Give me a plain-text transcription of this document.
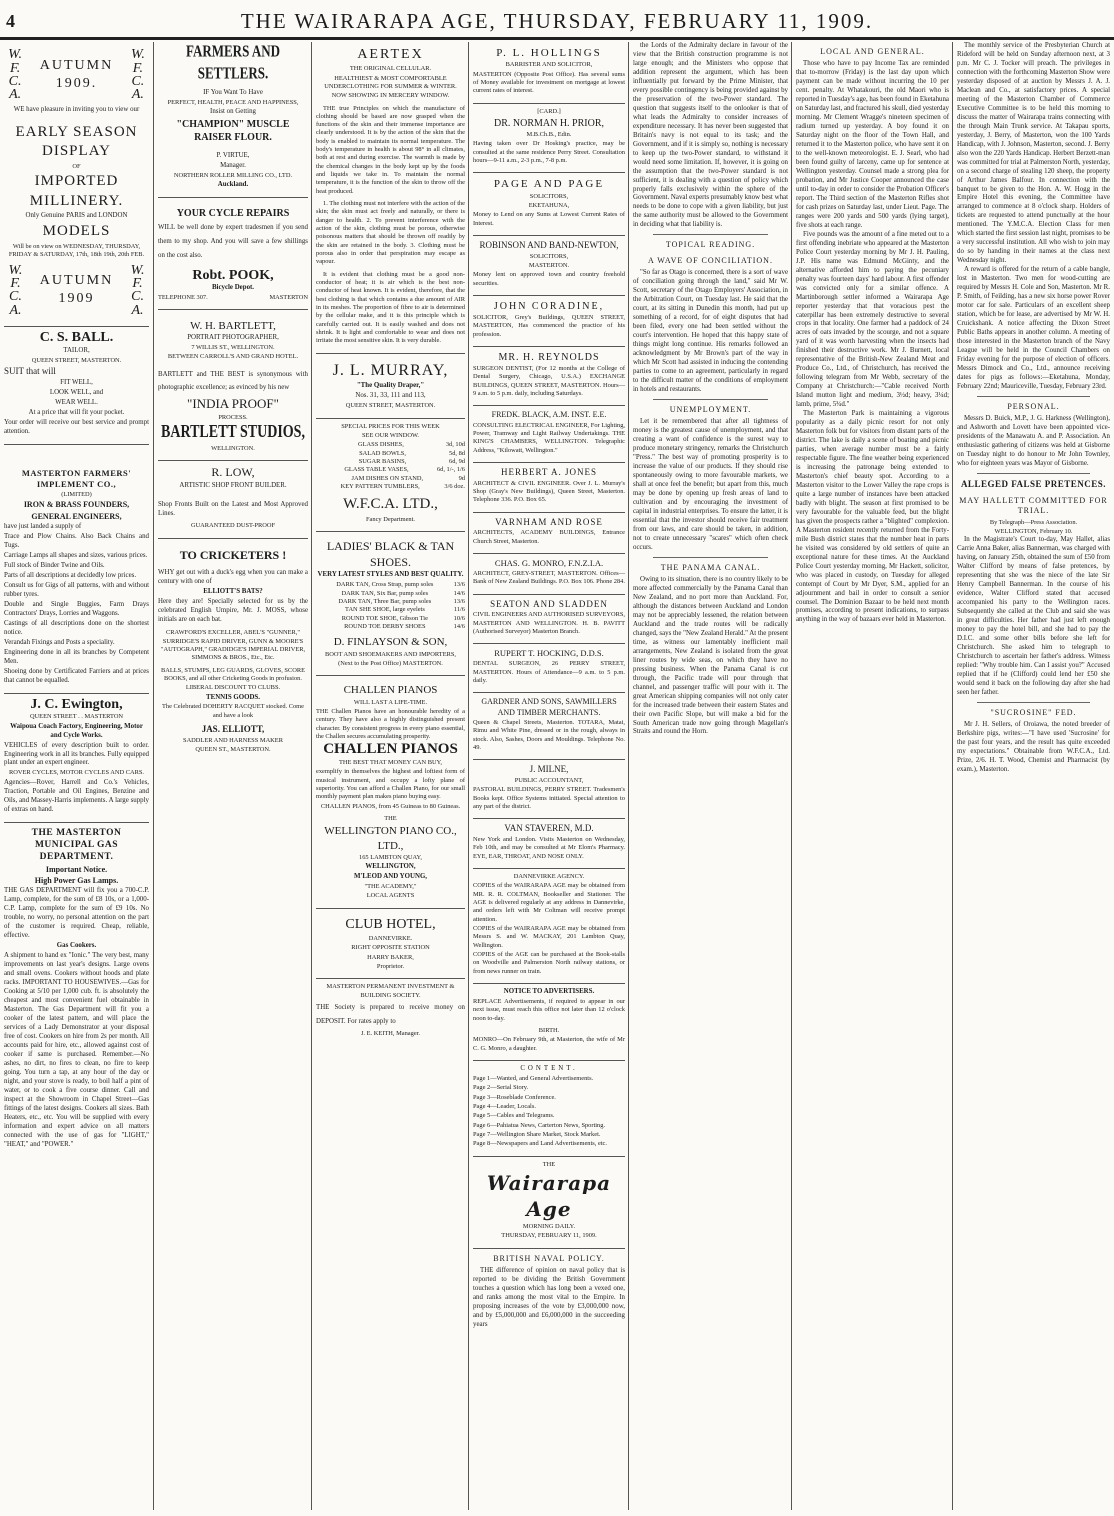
4	THE WAIRARAPA AGE, THURSDAY, FEBRUARY 11, 1909.
W.
F. C.
A.
AUTUMN 1909.
W.
F. C.
A.

WE have pleasure in inviting you to view our

EARLY SEASON DISPLAY

OF

IMPORTED MILLINERY.

Only Genuine PARIS and LONDON

MODELS

Will be on view on WEDNESDAY, THURSDAY, FRIDAY & SATURDAY, 17th, 18th 19th, 20th FEB.

W.
F. C.
A.
AUTUMN 1909
W.
F. C.
A.

C. S. BALL.

TAILOR,

QUEEN STREET, MASTERTON.

SUIT that will

FIT WELL,

LOOK WELL, and

WEAR WELL.

At a price that will fit your pocket.

Your order will receive our best service and prompt attention.

MASTERTON FARMERS' IMPLEMENT CO.,

(LIMITED)

IRON & BRASS FOUNDERS,

GENERAL ENGINEERS,

have just landed a supply of

Trace and Plow Chains. Also Back Chains and Tugs.

Carriage Lamps all shapes and sizes, various prices.

Full stock of Binder Twine and Oils.

Parts of all descriptions at decidedly low prices.

Consult us for Gigs of all patterns, with and without rubber tyres.

Double and Single Buggies, Farm Drays Contractors' Drays, Lorries and Waggons.

Castings of all descriptions done on the shortest notice.

Verandah Fixings and Posts a speciality.

Engineering done in all its branches by Competent Men.

Shoeing done by Certificated Farriers and at prices that cannot be equalled.

J. C. Ewington,

QUEEN STREET . . MASTERTON

Waipoua Coach Factory, Engineering, Motor and Cycle Works.

VEHICLES of every description built to order. Engineering work in all its branches. Fully equipped plant under an expert engineer.

ROVER CYCLES, MOTOR CYCLES AND CARS.

Agencies—Rover, Harrell and Co.'s Vehicles, Traction, Portable and Oil Engines, Benzine and Oils, and Massey-Harris implements. A large supply of extras on hand.

THE MASTERTON MUNICIPAL GAS DEPARTMENT.

Important Notice.

High Power Gas Lamps.

THE GAS DEPARTMENT will fix you a 700-C.P. Lamp, complete, for the sum of £8 10s, or a 1,000-C.P. Lamp, complete for the sum of £9 10s. No trouble, no worry, no personal attention on the part of the customer is required. Cheap, reliable, effective.

Gas Cookers.

A shipment to hand ex "Ionic." The very best, many improvements on last year's designs. Large ovens and small ovens. Cookers without hoods and plate racks. IMPORTANT TO HOUSEWIVES.—Gas for Cooking at 5/10 per 1,000 cub. ft. is absolutely the cheapest and most convenient fuel obtainable in Masterton. The Gas Department will fit you a cooker of the latest pattern, and will place the services of a Lady Demonstrator at your disposal free of cost. Cookers on hire from 2s per month. All accounts paid for hire, etc., allowed against cost of cooker if same is purchased. Remember.—No ashes, no dirt, no fires to clean, no fire to keep going. You turn a tap, at any hour of the day or night, and your stove is ready, to boil half a pint of water, or to cook a five course dinner. Call and inspect at the Showroom in Chapel Street—Gas fittings of the latest designs. Cookers all sizes. Bath Heaters, etc., etc. You will be supplied with every information and expert advice on all matters connected with the use of gas for "LIGHT," "HEAT," and "POWER."

FARMERS AND SETTLERS.

IF You Want To Have

PERFECT, HEALTH, PEACE AND HAPPINESS,

Insist on Getting

"CHAMPION" MUSCLE RAISER FLOUR.

P. VIRTUE,

Manager.

NORTHERN ROLLER MILLING CO., LTD.

Auckland.

YOUR CYCLE REPAIRS

WILL be well done by expert tradesmen if you send them to my shop. And you will save a few shillings on the cost also.

Robt. POOK,

Bicycle Depot.

TELEPHONE 307.	MASTERTON

W. H. BARTLETT,

PORTRAIT PHOTOGRAPHER,

7 WILLIS ST., WELLINGTON.

BETWEEN CARROLL'S AND GRAND HOTEL.

BARTLETT and THE BEST is synonymous with photographic excellence; as evinced by his new

"INDIA PROOF"

PROCESS.

BARTLETT STUDIOS,

WELLINGTON.

R. LOW,

ARTISTIC SHOP FRONT BUILDER.

Shop Fronts Built on the Latest and Most Approved Lines.

GUARANTEED DUST-PROOF

TO CRICKETERS !

WHY get out with a duck's egg when you can make a century with one of

ELLIOTT'S BATS?

Here they are! Specially selected for us by the celebrated English Umpire, Mr. J. MOSS, whose initials are on each bat.

CRAWFORD'S EXCELLER, ABEL'S "GUNNER," SURRIDGE'S RAPID DRIVER, GUNN & MOORE'S "AUTOGRAPH," GRADIDGE'S IMPERIAL DRIVER, SIMMONS & BROS., Etc., Etc.

BALLS, STUMPS, LEG GUARDS, GLOVES, SCORE BOOKS, and all other Cricketing Goods in profusion.

LIBERAL DISCOUNT TO CLUBS.

TENNIS GOODS.

The Celebrated DOHERTY RACQUET stocked. Come and have a look

JAS. ELLIOTT,

SADDLER AND HARNESS MAKER

QUEEN ST., MASTERTON.

AERTEX

THE ORIGINAL CELLULAR.

HEALTHIEST & MOST COMFORTABLE UNDERCLOTHING FOR SUMMER & WINTER.

NOW SHOWING IN MERCERY WINDOW.

THE true Principles on which the manufacture of clothing should be based are now grasped when the functions of the skin and their immense importance are clearly understood. It is by the action of the skin that the body is enabled to maintain its normal temperature. The body's temperature in health is about 98° in all climates, both at rest and during exercise. The warmth is made by the chemical changes in the body kept up by the foods and liquids we take in. To maintain the normal temperature, it is the function of the skin to throw off the heat produced.

1. The clothing must not interfere with the action of the skin; the skin must act freely and naturally, or there is danger to health. 2. To prevent interference with the action of the skin, clothing must be porous, otherwise poisonous matters that should be thrown off readily by the skin are retained in the body. 3. Clothing must be porous also in order that perspiration may escape as vapour.

It is evident that clothing must be a good non-conductor of heat; it is air which is the best non-conductor of heat known. It is evident, therefore, that the best clothing is that which contains a due amount of AIR in its meshes. The proportion of fibre to air is determined by the cellular make, and it is this principle which is carefully carried out. It is easily washed and does not shrink. It is light and comfortable to wear and does not irritate the most sensitive skin. It is very durable.

J. L. MURRAY,

"The Quality Draper,"

Nos. 31, 33, 111 and 113,

QUEEN STREET, MASTERTON.

SPECIAL PRICES FOR THIS WEEK

SEE OUR WINDOW.

GLASS DISHES,	3d, 10d
SALAD BOWLS,	5d, 8d
SUGAR BASINS,	6d, 9d
GLASS TABLE VASES,	6d, 1/-, 1/6
JAM DISHES ON STAND,	9d
KEY PATTERN TUMBLERS,	3/6 doz.

W.F.C.A. LTD.,

Fancy Department.

LADIES' BLACK & TAN SHOES.

VERY LATEST STYLES AND BEST QUALITY.

DARK TAN, Cross Strap, pump soles	13/6
DARK TAN, Six Bar, pump soles	14/6
DARK TAN, Three Bar, pump soles	13/6
TAN SHE SHOE, large eyelets	11/6
ROUND TOE SHOE, Gibson Tie	10/6
ROUND TOE DERBY SHOES	14/6

D. FINLAYSON & SON,

BOOT AND SHOEMAKERS AND IMPORTERS,

(Next to the Post Office) MASTERTON.

CHALLEN PIANOS

WILL LAST A LIFE-TIME.

THE Challen Pianos have an honourable heredity of a century. They have also a highly distinguished present character. By consistent progress in every piano essential, the Challen secures accumulating prosperity.

CHALLEN PIANOS

THE BEST THAT MONEY CAN BUY,

exemplify in themselves the highest and loftiest form of musical instrument, and occupy a lofty plane of superiority. You can afford a Challen Piano, for our small monthly payment plan makes piano buying easy.

CHALLEN PIANOS, from 45 Guineas to 80 Guineas.

THE

WELLINGTON PIANO CO., LTD.,

165 LAMBTON QUAY,

WELLINGTON,

M'LEOD AND YOUNG,

"THE ACADEMY,"

LOCAL AGENTS

CLUB HOTEL,

DANNEVIRKE.

RIGHT OPPOSITE STATION

HARRY BAKER,

Proprietor.

MASTERTON PERMANENT INVESTMENT & BUILDING SOCIETY.

THE Society is prepared to receive money on DEPOSIT. For rates apply to

J. E. KEITH, Manager.

P. L. HOLLINGS

BARRISTER AND SOLICITOR,

MASTERTON (Opposite Post Office). Has several sums of Money available for investment on mortgage at lowest current rates of interest.

[CARD.]

DR. NORMAN H. PRIOR,

M.B.Ch.B., Edin.

Having taken over Dr Hosking's practice, may be consulted at the same residence Perry Street. Consultation hours—9-11 a.m., 2-3 p.m., 7-8 p.m.

PAGE AND PAGE

SOLICITORS,

EKETAHUNA,

Money to Lend on any Sums at Lowest Current Rates of Interest.

ROBINSON AND BAND-NEWTON,

SOLICITORS,

MASTERTON.

Money lent on approved town and country freehold securities.

JOHN CORADINE,

SOLICITOR, Grey's Buildings, QUEEN STREET, MASTERTON, Has commenced the practice of his profession.

MR. H. REYNOLDS

SURGEON DENTIST, (For 12 months at the College of Dental Surgery, Chicago, U.S.A.) EXCHANGE BUILDINGS, QUEEN STREET, MASTERTON. Hours—9 a.m. to 5 p.m. daily, including Saturdays.

FREDK. BLACK, A.M. INST. E.E.

CONSULTING ELECTRICAL ENGINEER, For Lighting, Power, Tramway and Light Railway Undertakings. THE KING'S CHAMBERS, WELLINGTON. Telegraphic Address, "Kilowatt, Wellington."

HERBERT A. JONES

ARCHITECT & CIVIL ENGINEER. Over J. L. Murray's Shop (Gray's New Buildings), Queen Street, Masterton. Telephone 336. P.O. Box 65.

VARNHAM AND ROSE

ARCHITECTS, ACADEMY BUILDINGS, Entrance Church Street, Masterton.

CHAS. G. MONRO, F.N.Z.I.A.

ARCHITECT, GREY-STREET, MASTERTON. Offices—Bank of New Zealand Buildings. P.O. Box 106. Phone 284.

SEATON AND SLADDEN

CIVIL ENGINEERS AND AUTHORISED SURVEYORS, MASTERTON AND WELLINGTON. H. B. PAVITT (Authorised Surveyor) Masterton Branch.

RUPERT T. HOCKING, D.D.S.

DENTAL SURGEON, 26 PERRY STREET, MASTERTON. Hours of Attendance—9 a.m. to 5 p.m. daily.

GARDNER AND SONS, SAWMILLERS AND TIMBER MERCHANTS.

Queen & Chapel Streets, Masterton. TOTARA, Matai, Rimu and White Pine, dressed or in the rough, always in stock. Also, Sashes, Doors and Mouldings. Telephone No. 49.

J. MILNE,

PUBLIC ACCOUNTANT,

PASTORAL BUILDINGS, PERRY STREET. Tradesmen's Books kept. Office Systems initiated. Special attention to any part of the district.

VAN STAVEREN, M.D.

New York and London. Visits Masterton on Wednesday, Feb 10th, and may be consulted at Mr Elom's Pharmacy. EYE, EAR, THROAT, AND NOSE ONLY.

DANNEVIRKE AGENCY.

COPIES of the WAIRARAPA AGE may be obtained from MR. R. R. COLTMAN, Bookseller and Stationer. The AGE is delivered regularly at any address in Dannevirke, and orders left with Mr Coltman will receive prompt attention.

COPIES of the WAIRARAPA AGE may be obtained from Messrs S. and W. MACKAY, 201 Lambton Quay, Wellington.

COPIES of the AGE can be purchased at the Book-stalls on Woodville and Palmerston North railway stations, or from news runner on train.

NOTICE TO ADVERTISERS.

REPLACE Advertisements, if required to appear in our next issue, must reach this office not later than 12 o'clock noon to-day.

BIRTH.

MONRO—On February 9th, at Masterton, the wife of Mr C. G. Monro, a daughter.

CONTENT.

Page 1—Wanted, and General Advertisements.

Page 2—Serial Story.

Page 3—Roseblade Conference.

Page 4—Leader, Locals.

Page 5—Cables and Telegrams.

Page 6—Pahiatua News, Carterton News, Sporting.

Page 7—Wellington Share Market, Stock Market.

Page 8—Newspapers and Land Advertisements, etc.

THE

Wairarapa Age

MORNING DAILY.

THURSDAY, FEBRUARY 11, 1909.

BRITISH NAVAL POLICY.

THE difference of opinion on naval policy that is reported to be dividing the British Government touches a question which has long been a vexed one, and ranks among the most vital to the Empire. In proposing increases of the vote by £3,000,000 now, and by £5,000,000 and £6,000,000 in the succeeding years

the Lords of the Admiralty declare in favour of the view that the British construction programme is not large enough; and the Ministers who oppose that addition represent the argument, which has been influentially put forward by the Prime Minister, that every possible contingency is being provided against by the preservation of the two-Power standard. The question that suggests itself to the onlooker is that of what leads the Admiralty to consider increases of expenditure necessary. It has never been suggested that Britain's navy is not equal to its task; and the Government, and if it is simply so, nothing is necessary to keep up the two-Power standard, to withstand it would need some limitation. If, however, it is going on the assumption that the two-Power standard is not sufficient, it is dealing with a question of policy which properly falls exclusively within the sphere of the Government. Naval experts presumably know best what needs to be done to cope with a given liability, but just the same authority must be allowed to the Government in deciding what that liability is.

TOPICAL READING.

A WAVE OF CONCILIATION.

"So far as Otago is concerned, there is a sort of wave of conciliation going through the land," said Mr W. Scott, secretary of the Otago Employers' Association, in the Arbitration Court, on Tuesday last. He said that the court, at its sitting in Dunedin this month, had put up something of a record, for of eight disputes that had been filed, every one had been settled without the court's intervention. He hoped that this happy state of things might long continue. His remarks followed an acknowledgment by Mr Brown's part of the way in which Mr Scott had assisted in inducing the contending parties to come to an agreement, particularly in regard to the difficult matter of the conditions of employment in hotels and restaurants.

UNEMPLOYMENT.

Let it be remembered that after all tightness of money is the greatest cause of unemployment, and that creating a want of confidence is the surest way to produce monetary stringency, remarks the Christchurch "Press." The best way of promoting prosperity is to increase the value of our products. If they should rise spontaneously owing to more favourable markets, we shall at once feel the benefit; but apart from this, much may be done by opening up fresh areas of land to cultivation and by encouraging the investment of capital in industrial enterprises. To ensure the latter, it is essential that the investor should receive fair treatment from our laws, and care should be taken, in addition, not to create unnecessary "scares" which often check occurs.

THE PANAMA CANAL.

Owing to its situation, there is no country likely to be more affected commercially by the Panama Canal than New Zealand, and no port more than Auckland. For, although the distances between Auckland and London may not be appreciably lessened, the relation between Auckland and the trade routes will be radically changed, says the "New Zealand Herald." At the present time, as witness our lamentably inefficient mail arrangements, New Zealand is isolated from the great liner routes by wide seas, on which they have no pressing business. When the Panama Canal is cut through, the Pacific trade will pour through that channel, and passenger traffic will pour with it. The great American shipping companies will not only cater for the increased trade between their eastern States and their own Pacific Slope, but will make a bid for the South American trade now going through Magellan's Straits and round the Horn.

LOCAL AND GENERAL.

Those who have to pay Income Tax are reminded that to-morrow (Friday) is the last day upon which payment can be made without incurring the 10 per cent. penalty. At Whatakouri, the old Maori who is reported in Tuesday's age, has been found in Eketahuna on Saturday last, and fractured his skull, died yesterday morning. Mr Clement Wragge's nineteen specimen of radium turned up yesterday. A boy found it on Saturday night on the floor of the Town Hall, and returned it to the Masterton police, who have sent it on to the well-known meteorologist. E. J. Searl, who had been found guilty of larceny, came up for sentence at Wellington yesterday. Counsel made a strong plea for probation, and Mr Justice Cooper announced the case until to-day in order to consider the Probation Officer's report. The Third section of the Masterton Rifles shot for cash prizes on Saturday last, under Lieut. Page. The ranges were 200 yards and 500 yards (lying target), five shots at each range.

Five pounds was the amount of a fine meted out to a first offending inebriate who appeared at the Masterton Police Court yesterday morning by Mr J. H. Pauling, J.P. His name was Edmund McGinty, and the alternative afforded him to paying the pecuniary penalty was fourteen days' hard labour. A first offender was convicted only for a similar offence. A Martinborough settler informed a Wairarapa Age reporter yesterday that that voracious pest the caterpillar has been extremely destructive to several crops in that locality. One farmer had a paddock of 24 acres of oats invaded by the scourge, and not a square yard of it was worth harvesting when the insects had finished their destructive work. Mr J. Burnett, local representative of the British-New Zealand Meat and Produce Co., Ltd., of Christchurch, has received the following telegram from Mr Webb, secretary of the Company at Christchurch:—"Cable received North Island mutton light and medium, 3½d; heavy, 3¼d; lamb, prime, 5¾d."

The Masterton Park is maintaining a vigorous popularity as a daily picnic resort for not only Masterton folk but for visitors from distant parts of the district. The lake is daily a scene of boating and picnic parties, when average number must be a fairly respectable figure. The fine weather being experienced is increasing the patronage being extended to Masterton's chief beauty spot. According to a Masterton visitor to the Lower Valley the rape crops is quite a large number of instances have been attacked badly with blight. The season at first promised to be very favourable for the valuable feed, but the blight has given the prospects rather a "blighted" complexion. A Masterton resident recently returned from the Forty-mile Bush district states that the number heat in parts he visited was considered by old settlers of quite an exceptional nature for these times. At the Auckland Police Court yesterday morning, Mr Hackett, solicitor, who was placed in custody, on Tuesday for alleged contempt of Court by Mr Dyer, S.M., applied for an adjournment and bail in order to consult a senior counsel. The Dominion Bazaar to be held next month promises, according to present indications, to surpass anything in the way of bazaars ever held in Masterton.

The monthly service of the Presbyterian Church at Rideford will be held on Sunday afternoon next, at 3 p.m. Mr C. J. Tocker will preach. The privileges in connection with the forthcoming Masterton Show were yesterday disposed of at auction by Messrs J. A. J. Maclean and Co., at satisfactory prices. A special meeting of the Masterton Chamber of Commerce Executive Committee is to be held this morning to discuss the matter of Wairarapa trains connecting with the through Main Trunk service. At Takapau sports, yesterday, J. Berry, of Masterton, won the 100 Yards Handicap, with J. Johnson, Masterton, second. J. Berry also won the 220 Yards Handicap. Herbert Berzett-man was committed for trial at Palmerston North, yesterday, on a second charge of stealing 120 sheep, the property of Arthur James Balfour. In connection with the banquet to be given to the Hon. A. W. Hogg in the Empire Hotel this evening, the Committee have arranged to commence at 8 o'clock sharp. Holders of tickets are requested to attend punctually at the hour mentioned. The Y.M.C.A. Election Class for men which started the first session last night, promises to be a very successful institution. All who wish to join may do so by handing in their names at the class next Wednesday night.

A reward is offered for the return of a cable bangle, lost in Masterton. Two men for wood-cutting are required by Messrs H. Cole and Son, Masterton. Mr R. P. Smith, of Feilding, has a new six horse power Rover motor car for sale. Particulars of an excellent sheep station, which be for lease, are advertised by Mr W. H. Cruickshank. A notice affecting the Dixon Street Public Baths appears in another column. A meeting of those interested in the Masterton branch of the Navy League will be held in the Council Chambers on Friday evening for the purpose of election of officers. Messrs Dimock and Co., Ltd., announce receiving dates for pigs as follows:—Eketahuna, Monday, February 22nd; Mauriceville, Tuesday, February 23rd.

PERSONAL.

Messrs D. Buick, M.P., J. G. Harkness (Wellington), and Ashworth and Lovett have been appointed vice-presidents of the Manawatu A. and P. Association. An enthusiastic gathering of citizens was held at Gisborne on Tuesday night to do honour to Mr John Townley, who for eighteen years was Mayor of Gisborne.

ALLEGED FALSE PRETENCES.

MAY HALLETT COMMITTED FOR TRIAL.

By Telegraph—Press Association.

WELLINGTON, February 10.

In the Magistrate's Court to-day, May Hallet, alias Carrie Anna Baker, alias Bannerman, was charged with having, on January 25th, obtained the sum of £50 from Walter Clifford by means of false pretences, by representing that she was the niece of the late Sir Henry Campbell Bannerman. In the course of his evidence, Walter Clifford stated that accused accompanied his party to the Wellington races. Subsequently she called at the Club and said she was in great difficulties. Her father had just left enough money to pay the hotel bill, and she had to pay the D.I.C. and some other bills before she left for Christchurch. She asked him to telegraph to Christchurch to ascertain her father's address. Witness replied: "Why trouble him. Can I assist you?" Accused replied that if he (Clifford) could lend her £50 she would send it back on the following day after she had seen her father.

"SUCROSINE" FED.

Mr J. H. Sellers, of Oroiawa, the noted breeder of Berkshire pigs, writes:—"I have used 'Sucrosine' for the past four years, and the result has quite exceeded my expectations." Obtainable from W.F.C.A., Ltd. Prize, 2/6. H. T. Wood, Chemist and Pharmacist (by exam.), Masterton.
